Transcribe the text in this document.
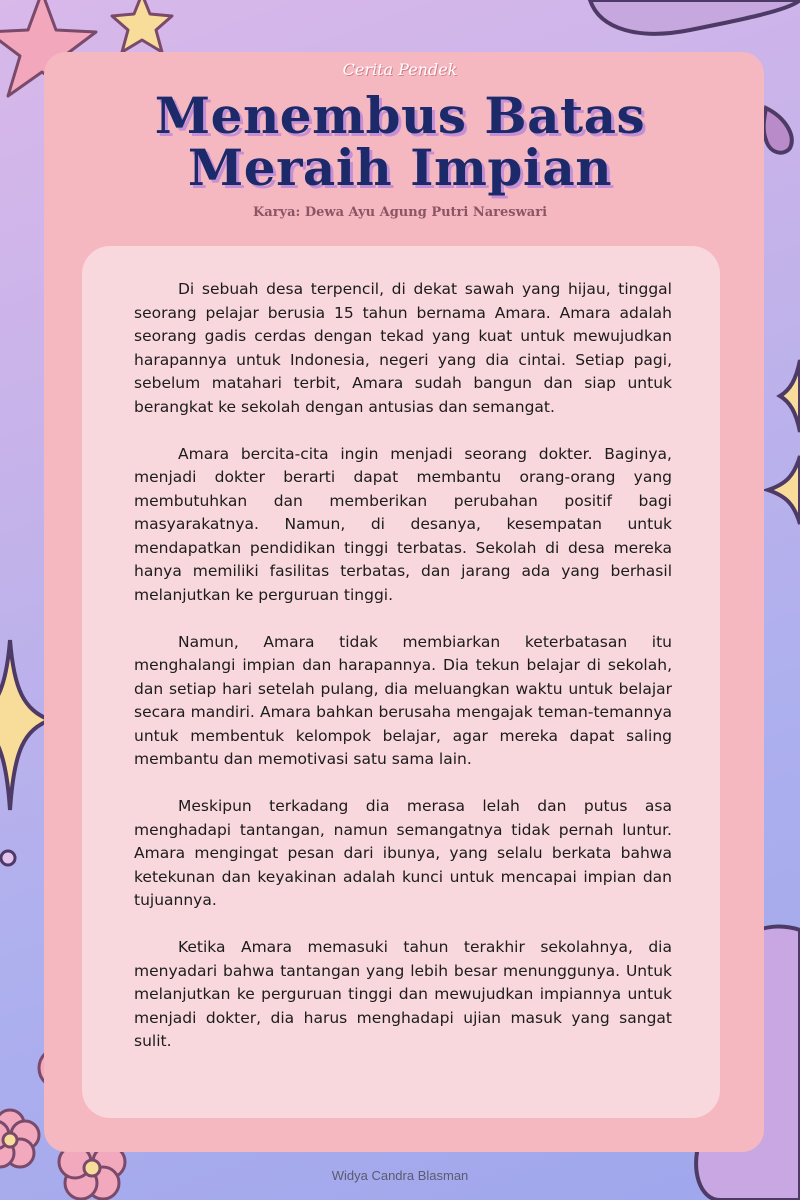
Cerita Pendek
Menembus Batas
Meraih Impian
Karya: Dewa Ayu Agung Putri Nareswari

Di sebuah desa terpencil, di dekat sawah yang hijau, tinggal seorang pelajar berusia 15 tahun bernama Amara. Amara adalah seorang gadis cerdas dengan tekad yang kuat untuk mewujudkan harapannya untuk Indonesia, negeri yang dia cintai. Setiap pagi, sebelum matahari terbit, Amara sudah bangun dan siap untuk berangkat ke sekolah dengan antusias dan semangat.

Amara bercita-cita ingin menjadi seorang dokter. Baginya, menjadi dokter berarti dapat membantu orang-orang yang membutuhkan dan memberikan perubahan positif bagi masyarakatnya. Namun, di desanya, kesempatan untuk mendapatkan pendidikan tinggi terbatas. Sekolah di desa mereka hanya memiliki fasilitas terbatas, dan jarang ada yang berhasil melanjutkan ke perguruan tinggi.

Namun, Amara tidak membiarkan keterbatasan itu menghalangi impian dan harapannya. Dia tekun belajar di sekolah, dan setiap hari setelah pulang, dia meluangkan waktu untuk belajar secara mandiri. Amara bahkan berusaha mengajak teman-temannya untuk membentuk kelompok belajar, agar mereka dapat saling membantu dan memotivasi satu sama lain.

Meskipun terkadang dia merasa lelah dan putus asa menghadapi tantangan, namun semangatnya tidak pernah luntur. Amara mengingat pesan dari ibunya, yang selalu berkata bahwa ketekunan dan keyakinan adalah kunci untuk mencapai impian dan tujuannya.

Ketika Amara memasuki tahun terakhir sekolahnya, dia menyadari bahwa tantangan yang lebih besar menunggunya. Untuk melanjutkan ke perguruan tinggi dan mewujudkan impiannya untuk menjadi dokter, dia harus menghadapi ujian masuk yang sangat sulit.

Widya Candra Blasman
